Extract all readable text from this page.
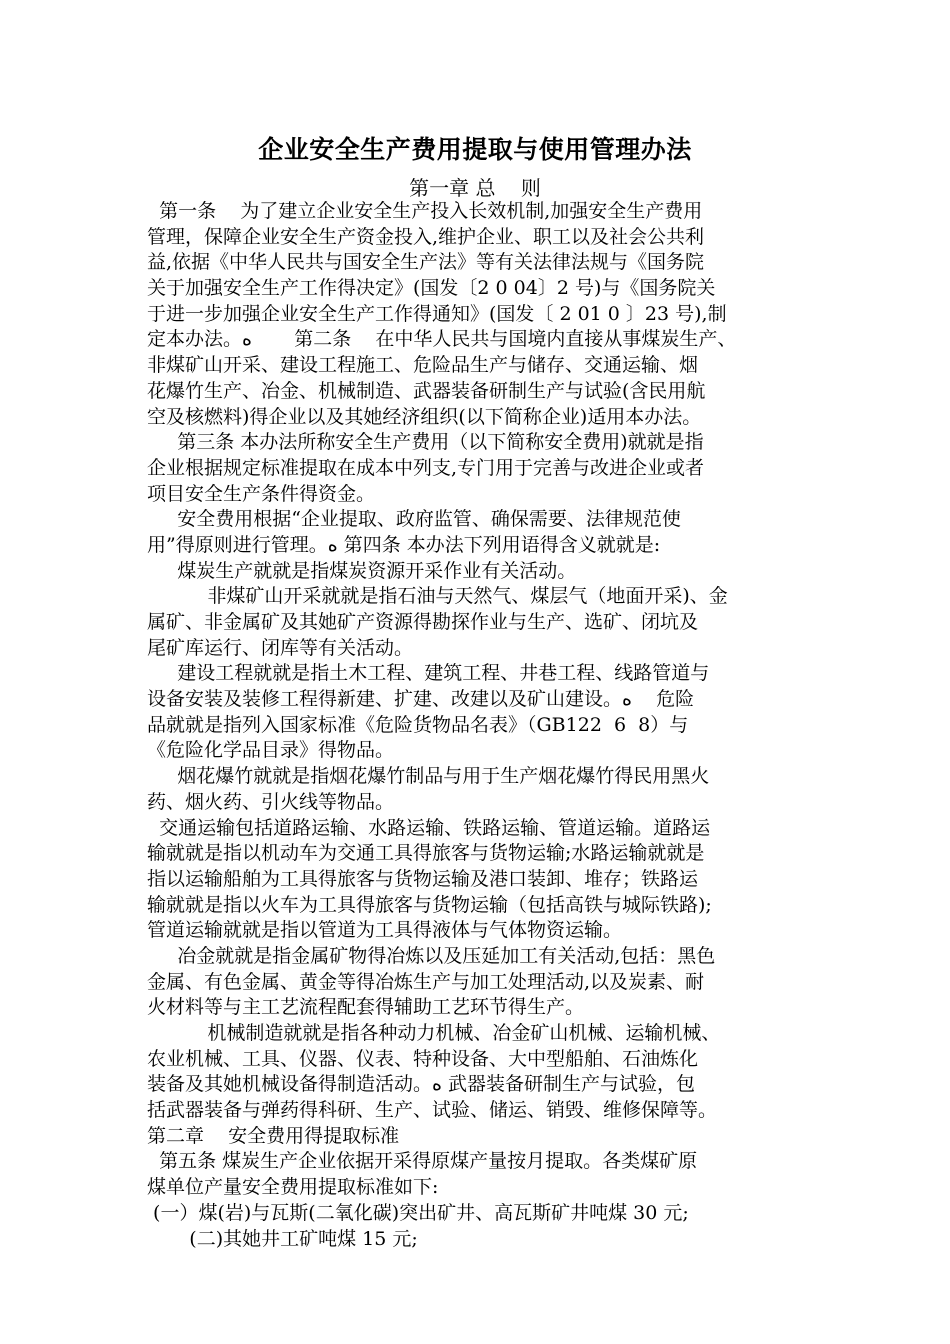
企业安全生产费用提取与使用管理办法
第一章 总    则
第一条    为了建立企业安全生产投入长效机制,加强安全生产费用
管理，保障企业安全生产资金投入,维护企业、职工以及社会公共利
益,依据《中华人民共与国安全生产法》等有关法律法规与《国务院
关于加强安全生产工作得决定》(国发〔2 0 04〕2 号)与《国务院关
于进一步加强企业安全生产工作得通知》(国发〔 2 01 0 〕23 号),制
定本办法。ﻩ       第二条    在中华人民共与国境内直接从事煤炭生产、
非煤矿山开采、建设工程施工、危险品生产与储存、交通运输、烟
花爆竹生产、冶金、机械制造、武器装备研制生产与试验(含民用航
空及核燃料)得企业以及其她经济组织(以下简称企业)适用本办法。
第三条 本办法所称安全生产费用（以下简称安全费用)就就是指
企业根据规定标准提取在成本中列支,专门用于完善与改进企业或者
项目安全生产条件得资金。
安全费用根据“企业提取、政府监管、确保需要、法律规范使
用”得原则进行管理。ﻩ 第四条 本办法下列用语得含义就就是:
煤炭生产就就是指煤炭资源开采作业有关活动。
非煤矿山开采就就是指石油与天然气、煤层气（地面开采)、金
属矿、非金属矿及其她矿产资源得勘探作业与生产、选矿、闭坑及
尾矿库运行、闭库等有关活动。
建设工程就就是指土木工程、建筑工程、井巷工程、线路管道与
设备安装及装修工程得新建、扩建、改建以及矿山建设。ﻩ    危险
品就就是指列入国家标准《危险货物品名表》（GB122  6  8）与
《危险化学品目录》得物品。
烟花爆竹就就是指烟花爆竹制品与用于生产烟花爆竹得民用黑火
药、烟火药、引火线等物品。
交通运输包括道路运输、水路运输、铁路运输、管道运输。道路运
输就就是指以机动车为交通工具得旅客与货物运输;水路运输就就是
指以运输船舶为工具得旅客与货物运输及港口装卸、堆存；铁路运
输就就是指以火车为工具得旅客与货物运输（包括高铁与城际铁路);
管道运输就就是指以管道为工具得液体与气体物资运输。
冶金就就是指金属矿物得冶炼以及压延加工有关活动,包括：黑色
金属、有色金属、黄金等得冶炼生产与加工处理活动,以及炭素、耐
火材料等与主工艺流程配套得辅助工艺环节得生产。
机械制造就就是指各种动力机械、冶金矿山机械、运输机械、
农业机械、工具、仪器、仪表、特种设备、大中型船舶、石油炼化
装备及其她机械设备得制造活动。ﻩ 武器装备研制生产与试验，包
括武器装备与弹药得科研、生产、试验、储运、销毁、维修保障等。
第二章    安全费用得提取标准
第五条 煤炭生产企业依据开采得原煤产量按月提取。各类煤矿原
煤单位产量安全费用提取标准如下:
(一）煤(岩)与瓦斯(二氧化碳)突出矿井、高瓦斯矿井吨煤 30 元;
(二)其她井工矿吨煤 15 元;
